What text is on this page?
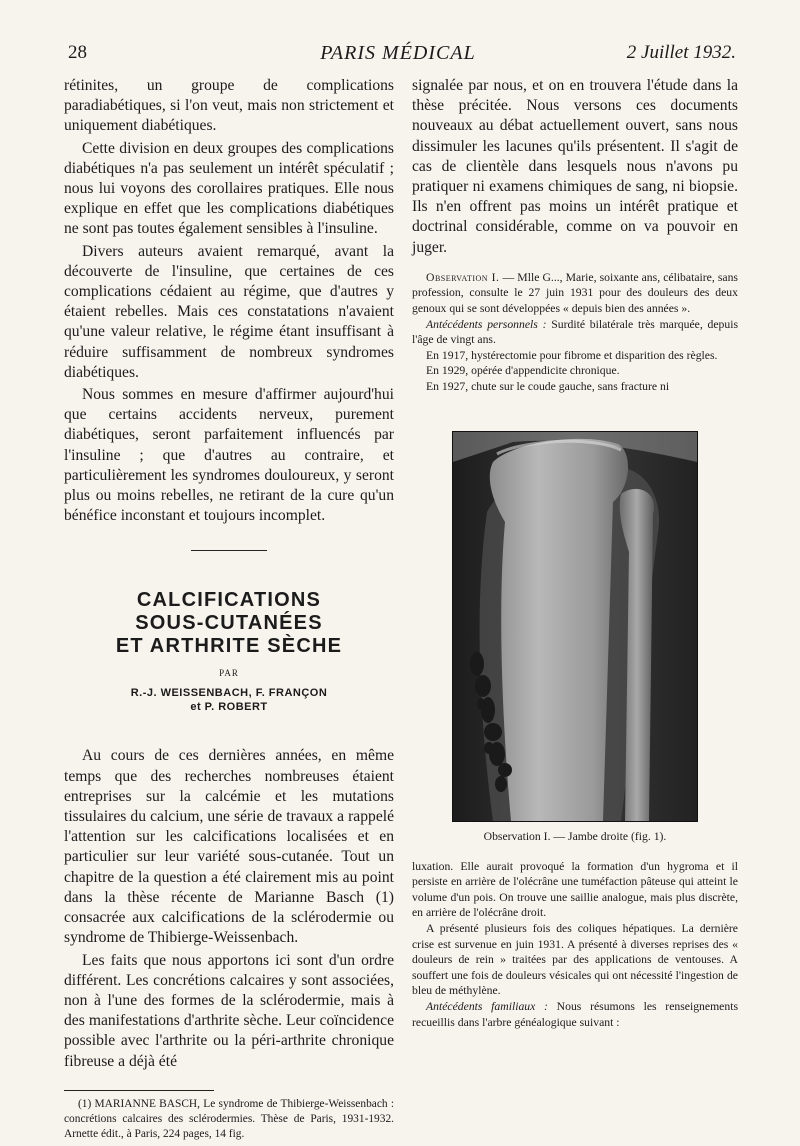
28	PARIS MÉDICAL	2 Juillet 1932.

rétinites, un groupe de complications paradiabétiques, si l'on veut, mais non strictement et uniquement diabétiques.

Cette division en deux groupes des complications diabétiques n'a pas seulement un intérêt spéculatif ; nous lui voyons des corollaires pratiques. Elle nous explique en effet que les complications diabétiques ne sont pas toutes également sensibles à l'insuline.

Divers auteurs avaient remarqué, avant la découverte de l'insuline, que certaines de ces complications cédaient au régime, que d'autres y étaient rebelles. Mais ces constatations n'avaient qu'une valeur relative, le régime étant insuffisant à réduire suffisamment de nombreux syndromes diabétiques.

Nous sommes en mesure d'affirmer aujourd'hui que certains accidents nerveux, purement diabétiques, seront parfaitement influencés par l'insuline ; que d'autres au contraire, et particulièrement les syndromes douloureux, y seront plus ou moins rebelles, ne retirant de la cure qu'un bénéfice inconstant et toujours incomplet.

CALCIFICATIONS
SOUS-CUTANÉES
ET ARTHRITE SÈCHE
PAR
R.-J. WEISSENBACH, F. FRANÇON
et P. ROBERT

Au cours de ces dernières années, en même temps que des recherches nombreuses étaient entreprises sur la calcémie et les mutations tissulaires du calcium, une série de travaux a rappelé l'attention sur les calcifications localisées et en particulier sur leur variété sous-cutanée. Tout un chapitre de la question a été clairement mis au point dans la thèse récente de Marianne Basch (1) consacrée aux calcifications de la sclérodermie ou syndrome de Thibierge-Weissenbach.

Les faits que nous apportons ici sont d'un ordre différent. Les concrétions calcaires y sont associées, non à l'une des formes de la sclérodermie, mais à des manifestations d'arthrite sèche. Leur coïncidence possible avec l'arthrite ou la péri-arthrite chronique fibreuse a déjà été

(1) MARIANNE BASCH, Le syndrome de Thibierge-Weissenbach : concrétions calcaires des sclérodermies. Thèse de Paris, 1931-1932. Arnette édit., à Paris, 224 pages, 14 fig.

signalée par nous, et on en trouvera l'étude dans la thèse précitée. Nous versons ces documents nouveaux au débat actuellement ouvert, sans nous dissimuler les lacunes qu'ils présentent. Il s'agit de cas de clientèle dans lesquels nous n'avons pu pratiquer ni examens chimiques de sang, ni biopsie. Ils n'en offrent pas moins un intérêt pratique et doctrinal considérable, comme on va pouvoir en juger.

Observation I. — Mlle G..., Marie, soixante ans, célibataire, sans profession, consulte le 27 juin 1931 pour des douleurs des deux genoux qui se sont développées « depuis bien des années ».

Antécédents personnels : Surdité bilatérale très marquée, depuis l'âge de vingt ans.

En 1917, hystérectomie pour fibrome et disparition des règles.

En 1929, opérée d'appendicite chronique.

En 1927, chute sur le coude gauche, sans fracture ni

Observation I. — Jambe droite (fig. 1).

luxation. Elle aurait provoqué la formation d'un hygroma et il persiste en arrière de l'olécrâne une tuméfaction pâteuse qui atteint le volume d'un pois. On trouve une saillie analogue, mais plus discrète, en arrière de l'olécrâne droit.

A présenté plusieurs fois des coliques hépatiques. La dernière crise est survenue en juin 1931. A présenté à diverses reprises des « douleurs de rein » traitées par des applications de ventouses. A souffert une fois de douleurs vésicales qui ont nécessité l'ingestion de bleu de méthylène.

Antécédents familiaux : Nous résumons les renseignements recueillis dans l'arbre généalogique suivant :
